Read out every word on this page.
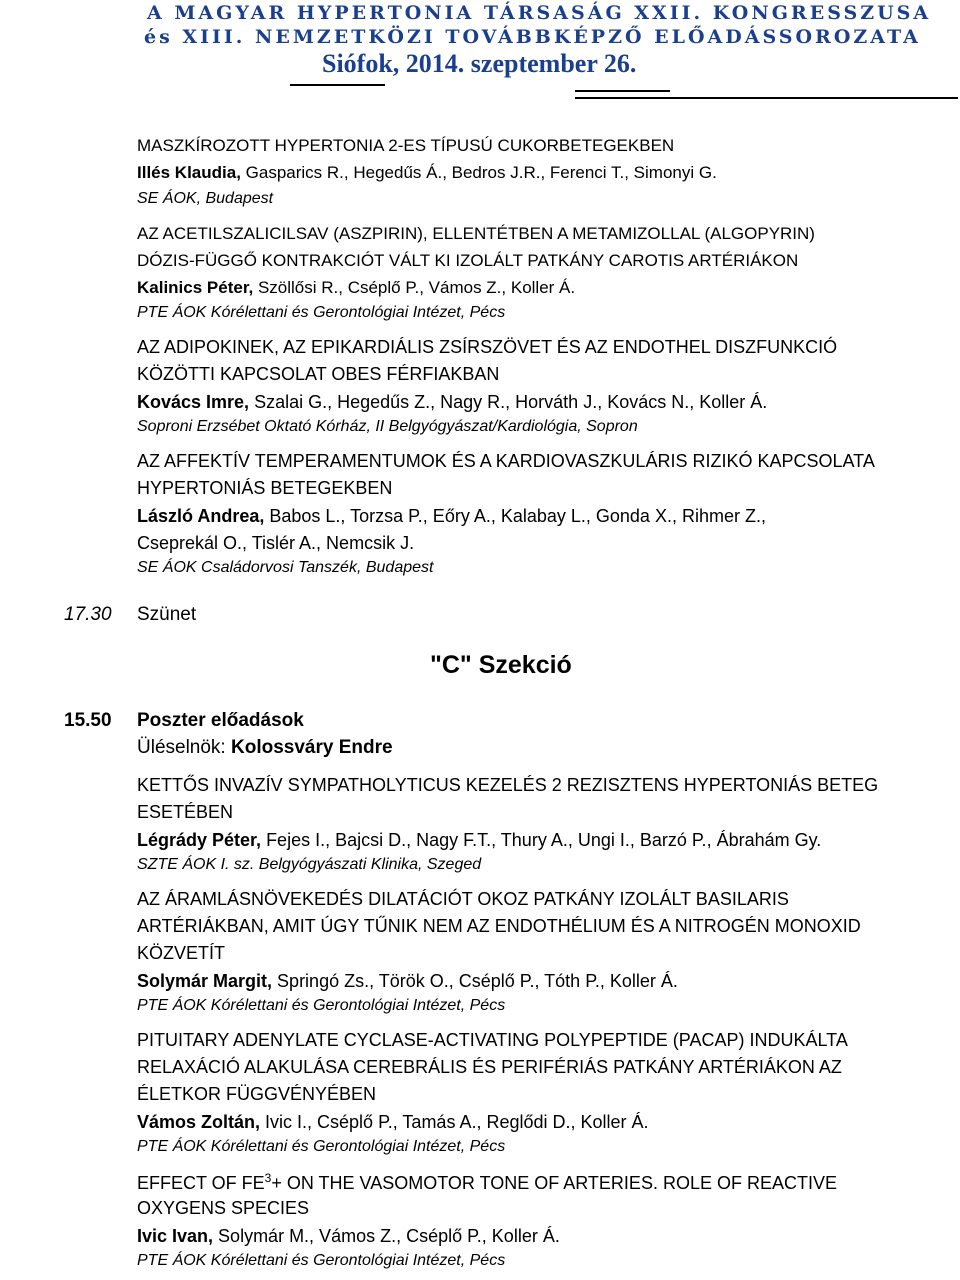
A MAGYAR HYPERTONIA TÁRSASÁG XXII. KONGRESSZUSA
és XIII. NEMZETKÖZI TOVÁBBKÉPZŐ ELŐADÁSSOROZATA
Siófok, 2014. szeptember 26.
MASZKÍROZOTT HYPERTONIA 2-ES TÍPUSÚ CUKORBETEGEKBEN
Illés Klaudia, Gasparics R., Hegedűs Á., Bedros J.R., Ferenci T., Simonyi G.
SE ÁOK, Budapest
AZ ACETILSZALICILSAV (ASZPIRIN), ELLENTÉTBEN A METAMIZOLLAL (ALGOPYRIN)
DÓZIS-FÜGGŐ KONTRAKCIÓT VÁLT KI IZOLÁLT PATKÁNY CAROTIS ARTÉRIÁKON
Kalinics Péter, Szöllősi R., Cséplő P., Vámos Z., Koller Á.
PTE ÁOK Kórélettani és Gerontológiai Intézet, Pécs
AZ ADIPOKINEK, AZ EPIKARDIÁLIS ZSÍRSZÖVET ÉS AZ ENDOTHEL DISZFUNKCIÓ
KÖZÖTTI KAPCSOLAT OBES FÉRFIAKBAN
Kovács Imre, Szalai G., Hegedűs Z., Nagy R., Horváth J., Kovács N., Koller Á.
Soproni Erzsébet Oktató Kórház, II Belgyógyászat/Kardiológia, Sopron
AZ AFFEKTÍV TEMPERAMENTUMOK ÉS A KARDIOVASZKULÁRIS RIZIKÓ KAPCSOLATA
HYPERTONIÁS BETEGEKBEN
László Andrea, Babos L., Torzsa P., Eőry A., Kalabay L., Gonda X., Rihmer Z.,
Cseprekál O., Tislér A., Nemcsik J.
SE ÁOK Családorvosi Tanszék, Budapest
17.30 Szünet
"C" Szekció
15.50 Poszter előadások
Üléselnök: Kolossváry Endre
KETTŐS INVAZÍV SYMPATHOLYTICUS KEZELÉS 2 REZISZTENS HYPERTONIÁS BETEG
ESETÉBEN
Légrády Péter, Fejes I., Bajcsi D., Nagy F.T., Thury A., Ungi I., Barzó P., Ábrahám Gy.
SZTE ÁOK I. sz. Belgyógyászati Klinika, Szeged
AZ ÁRAMLÁSNÖVEKEDÉS DILATÁCIÓT OKOZ PATKÁNY IZOLÁLT BASILARIS
ARTÉRIÁKBAN, AMIT ÚGY TŰNIK NEM AZ ENDOTHÉLIUM ÉS A NITROGÉN MONOXID
KÖZVETÍT
Solymár Margit, Springó Zs., Török O., Cséplő P., Tóth P., Koller Á.
PTE ÁOK Kórélettani és Gerontológiai Intézet, Pécs
PITUITARY ADENYLATE CYCLASE-ACTIVATING POLYPEPTIDE (PACAP) INDUKÁLTA
RELAXÁCIÓ ALAKULÁSA CEREBRÁLIS ÉS PERIFÉRIÁS PATKÁNY ARTÉRIÁKON AZ
ÉLETKOR FÜGGVÉNYÉBEN
Vámos Zoltán, Ivic I., Cséplő P., Tamás A., Reglődi D., Koller Á.
PTE ÁOK Kórélettani és Gerontológiai Intézet, Pécs
EFFECT OF $FE^3+$ ON THE VASOMOTOR TONE OF ARTERIES. ROLE OF REACTIVE
OXYGENS SPECIES
Ivic Ivan, Solymár M., Vámos Z., Cséplő P., Koller Á.
PTE ÁOK Kórélettani és Gerontológiai Intézet, Pécs
